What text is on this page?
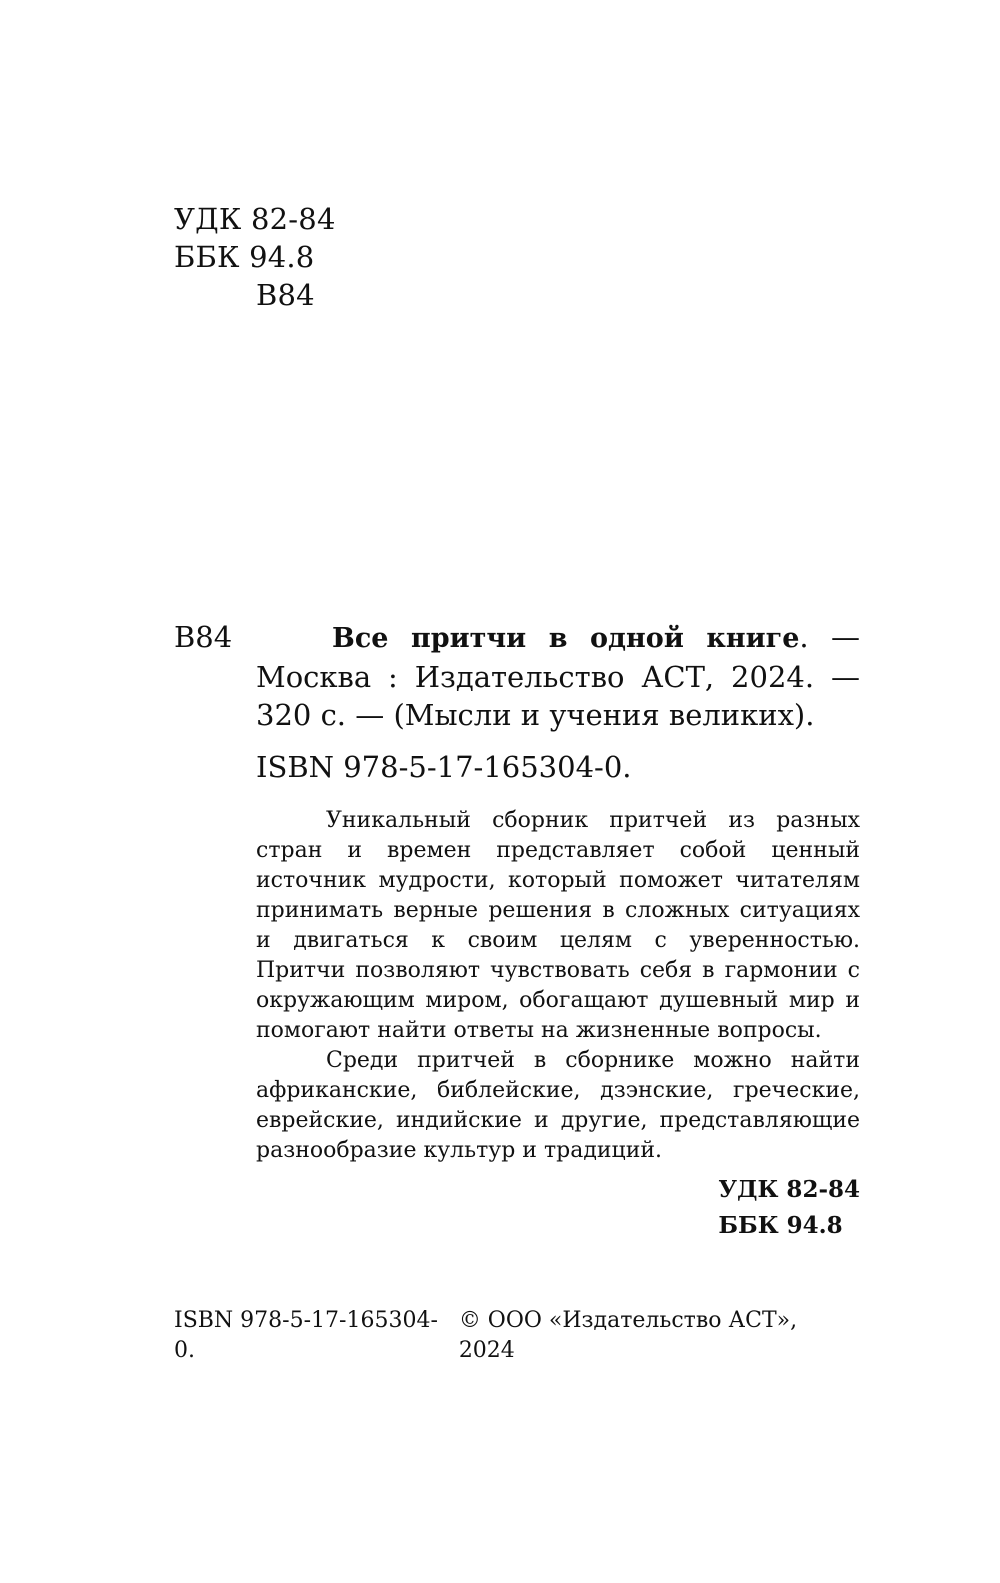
УДК 82-84
ББК 94.8
В84
В84	Все притчи в одной книге. — Москва : Издательство АСТ, 2024. — 320 с. — (Мысли и учения великих).
ISBN 978-5-17-165304-0.

Уникальный сборник притчей из разных стран и времен представляет собой ценный источник мудрости, который поможет читателям принимать верные решения в сложных ситуациях и двигаться к своим целям с уверенностью. Притчи позволяют чувствовать себя в гармонии с окружающим миром, обогащают душевный мир и помогают найти ответы на жизненные вопросы.

Среди притчей в сборнике можно найти африканские, библейские, дзэнские, греческие, еврейские, индийские и другие, представляющие разнообразие культур и традиций.

УДК 82-84
ББК 94.8
ISBN 978-5-17-165304-0.
© ООО «Издательство АСТ», 2024
